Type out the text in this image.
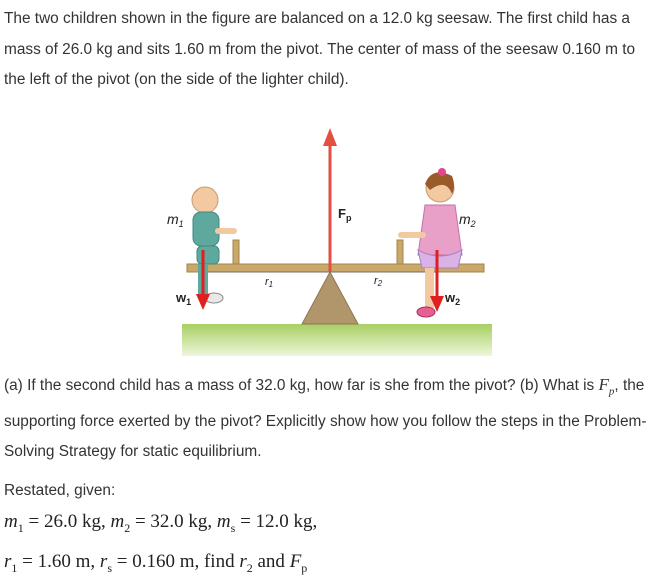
The two children shown in the figure are balanced on a 12.0 kg seesaw. The first child has a mass of 26.0 kg and sits 1.60 m from the pivot. The center of mass of the seesaw 0.160 m to the left of the pivot (on the side of the lighter child).

$m_1$	$m_2$
$F_p$
r1	r2
$w_1$	$w_2$

(a) If the second child has a mass of 32.0 kg, how far is she from the pivot? (b) What is $F_p$, the supporting force exerted by the pivot? Explicitly show how you follow the steps in the Problem-Solving Strategy for static equilibrium.

Restated, given:

$m_1 = 26.0$ kg, $m_2 = 32.0$ kg, $m_s = 12.0$ kg,
$r_1 = 1.60$ m, $r_s = 0.160$ m, find $r_2$ and $F_p$
